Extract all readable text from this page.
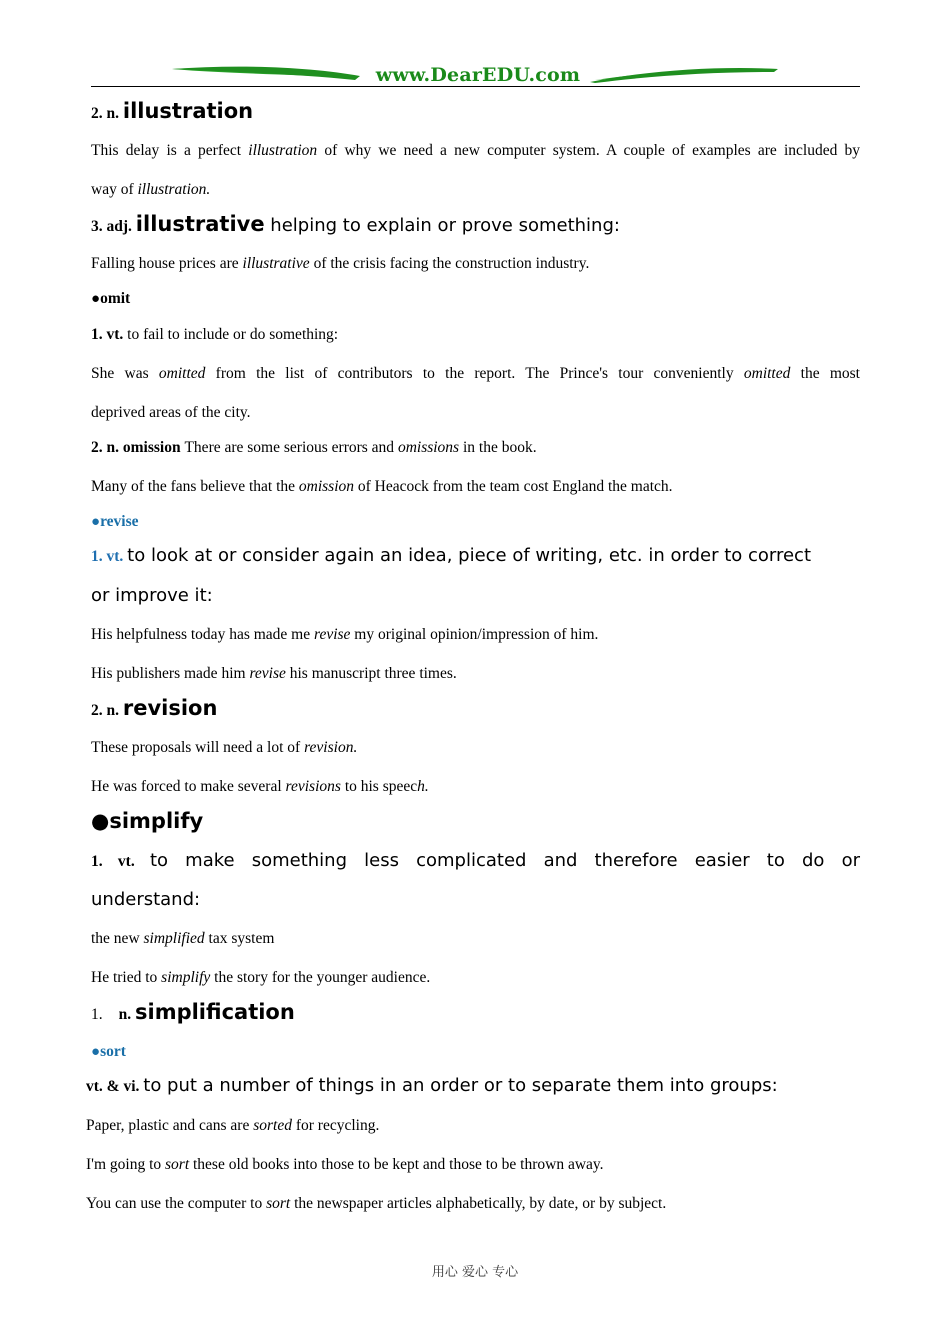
www.DearEDU.com
2. n. illustration
This delay is a perfect illustration of why we need a new computer system. A couple of examples are included by
way of illustration.
3. adj. illustrative helping to explain or prove something:
Falling house prices are illustrative of the crisis facing the construction industry.
●omit
1. vt. to fail to include or do something:
She was omitted from the list of contributors to the report. The Prince's tour conveniently omitted the most
deprived areas of the city.
2. n. omission There are some serious errors and omissions in the book.
Many of the fans believe that the omission of Heacock from the team cost England the match.
●revise
1. vt. to look at or consider again an idea, piece of writing, etc. in order to correct
or improve it:
His helpfulness today has made me revise my original opinion/impression of him.
His publishers made him revise his manuscript three times.
2. n. revision
These proposals will need a lot of revision.
He was forced to make several revisions to his speech.
●simplify
1. vt. to make something less complicated and therefore easier to do or
understand:
the new simplified tax system
He tried to simplify the story for the younger audience.
1. n. simplification
●sort
vt. & vi. to put a number of things in an order or to separate them into groups:
Paper, plastic and cans are sorted for recycling.
I'm going to sort these old books into those to be kept and those to be thrown away.
You can use the computer to sort the newspaper articles alphabetically, by date, or by subject.
用心 爱心 专心
